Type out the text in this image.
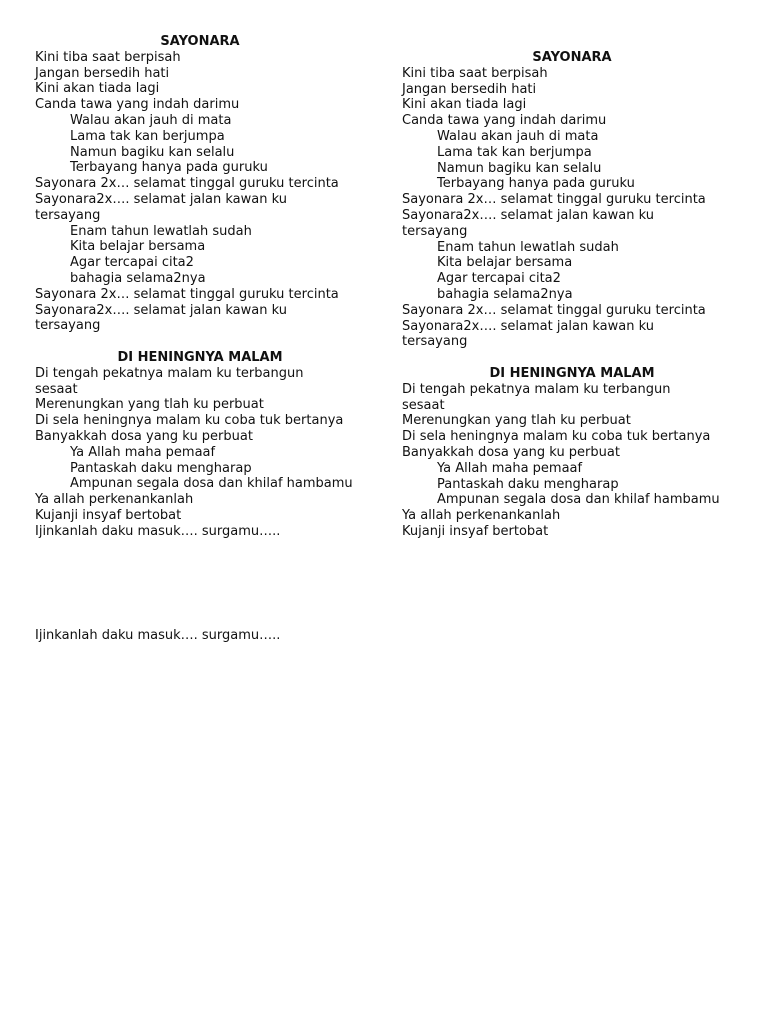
SAYONARA
Kini tiba saat berpisah
Jangan bersedih hati
Kini akan tiada lagi
Canda tawa yang indah darimu
Walau akan jauh di mata
Lama tak kan berjumpa
Namun bagiku kan selalu
Terbayang hanya pada guruku
Sayonara 2x… selamat tinggal guruku tercinta
Sayonara2x…. selamat jalan kawan ku
tersayang
Enam tahun lewatlah sudah
Kita belajar bersama
Agar tercapai cita2
bahagia selama2nya
Sayonara 2x… selamat tinggal guruku tercinta
Sayonara2x…. selamat jalan kawan ku
tersayang
DI HENINGNYA MALAM
Di tengah pekatnya malam ku terbangun
sesaat
Merenungkan yang tlah ku perbuat
Di sela heningnya malam ku coba tuk bertanya
Banyakkah dosa yang ku perbuat
Ya Allah maha pemaaf
Pantaskah daku mengharap
Ampunan segala dosa dan khilaf hambamu
Ya allah perkenankanlah
Kujanji insyaf bertobat
Ijinkanlah daku masuk…. surgamu…..
SAYONARA
Kini tiba saat berpisah
Jangan bersedih hati
Kini akan tiada lagi
Canda tawa yang indah darimu
Walau akan jauh di mata
Lama tak kan berjumpa
Namun bagiku kan selalu
Terbayang hanya pada guruku
Sayonara 2x… selamat tinggal guruku tercinta
Sayonara2x…. selamat jalan kawan ku
tersayang
Enam tahun lewatlah sudah
Kita belajar bersama
Agar tercapai cita2
bahagia selama2nya
Sayonara 2x… selamat tinggal guruku tercinta
Sayonara2x…. selamat jalan kawan ku
tersayang
DI HENINGNYA MALAM
Di tengah pekatnya malam ku terbangun
sesaat
Merenungkan yang tlah ku perbuat
Di sela heningnya malam ku coba tuk bertanya
Banyakkah dosa yang ku perbuat
Ya Allah maha pemaaf
Pantaskah daku mengharap
Ampunan segala dosa dan khilaf hambamu
Ya allah perkenankanlah
Kujanji insyaf bertobat
Ijinkanlah daku masuk…. surgamu…..
